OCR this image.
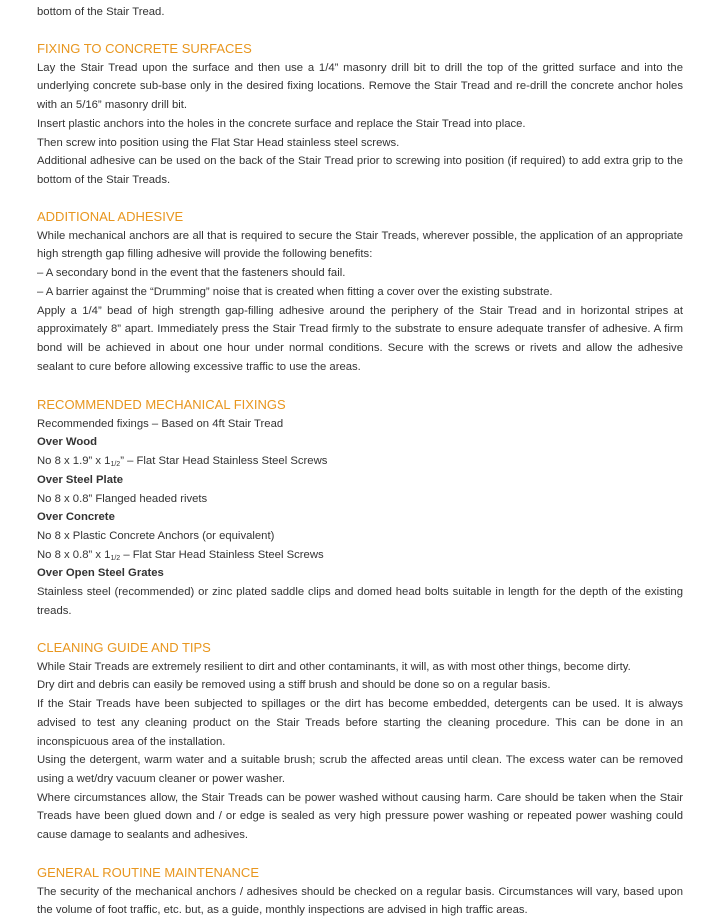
bottom of the Stair Tread.

FIXING TO CONCRETE SURFACES

Lay the Stair Tread upon the surface and then use a 1/4” masonry drill bit to drill the top of the gritted surface and into the underlying concrete sub-base only in the desired fixing locations. Remove the Stair Tread and re-drill the concrete anchor holes with an 5/16” masonry drill bit.

Insert plastic anchors into the holes in the concrete surface and replace the Stair Tread into place.

Then screw into position using the Flat Star Head stainless steel screws.

Additional adhesive can be used on the back of the Stair Tread prior to screwing into position (if required) to add extra grip to the bottom of the Stair Treads.

ADDITIONAL ADHESIVE

While mechanical anchors are all that is required to secure the Stair Treads, wherever possible, the application of an appropriate high strength gap filling adhesive will provide the following benefits:

– A secondary bond in the event that the fasteners should fail.

– A barrier against the “Drumming” noise that is created when fitting a cover over the existing substrate.

Apply a 1/4” bead of high strength gap-filling adhesive around the periphery of the Stair Tread and in horizontal stripes at approximately 8” apart. Immediately press the Stair Tread firmly to the substrate to ensure adequate transfer of adhesive. A firm bond will be achieved in about one hour under normal conditions. Secure with the screws or rivets and allow the adhesive sealant to cure before allowing excessive traffic to use the areas.

RECOMMENDED MECHANICAL FIXINGS

Recommended fixings – Based on 4ft Stair Tread

Over Wood

No 8 x 1.9” x $1_{1/2}$” – Flat Star Head Stainless Steel Screws

Over Steel Plate

No 8 x 0.8” Flanged headed rivets

Over Concrete

No 8 x Plastic Concrete Anchors (or equivalent)

No 8 x 0.8” x $1_{1/2}$ – Flat Star Head Stainless Steel Screws

Over Open Steel Grates

Stainless steel (recommended) or zinc plated saddle clips and domed head bolts suitable in length for the depth of the existing treads.

CLEANING GUIDE AND TIPS

While Stair Treads are extremely resilient to dirt and other contaminants, it will, as with most other things, become dirty.

Dry dirt and debris can easily be removed using a stiff brush and should be done so on a regular basis.

If the Stair Treads have been subjected to spillages or the dirt has become embedded, detergents can be used. It is always advised to test any cleaning product on the Stair Treads before starting the cleaning procedure. This can be done in an inconspicuous area of the installation.

Using the detergent, warm water and a suitable brush; scrub the affected areas until clean. The excess water can be removed using a wet/dry vacuum cleaner or power washer.

Where circumstances allow, the Stair Treads can be power washed without causing harm. Care should be taken when the Stair Treads have been glued down and / or edge is sealed as very high pressure power washing or repeated power washing could cause damage to sealants and adhesives.

GENERAL ROUTINE MAINTENANCE

The security of the mechanical anchors / adhesives should be checked on a regular basis. Circumstances will vary, based upon the volume of foot traffic, etc. but, as a guide, monthly inspections are advised in high traffic areas.
